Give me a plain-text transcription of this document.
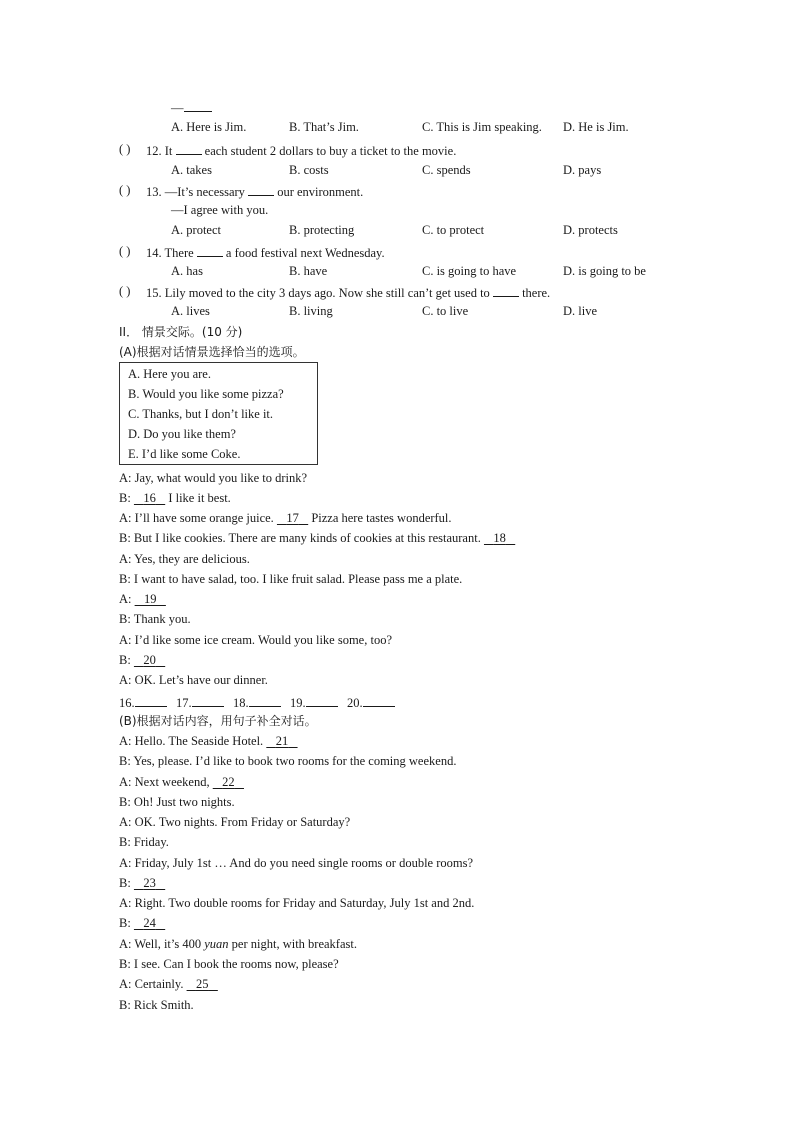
—
A. Here is Jim.	B. That’s Jim.	C. This is Jim speaking. D. He is Jim.
( ) 12. It	each student 2 dollars to buy a ticket to the movie.
A. takes	B. costs	C. spends	D. pays
( ) 13. —It’s necessary	our environment.
—I agree with you.
A. protect	B. protecting	C. to protect	D. protects
( ) 14. There	a food festival next Wednesday.
A. has	B. have	C. is going to have	D. is going to be
( ) 15. Lily moved to the city 3 days ago. Now she still can’t get used to	there.
A. lives	B. living	C. to live	D. live
II． 情景交际。(10 分)
(A)根据对话情景选择恰当的选项。
A. Here you are.
B. Would you like some pizza?
C. Thanks, but I don’t like it.
D. Do you like them?
E. I’d like some Coke.
A: Jay, what would you like to drink?
B:    16    I like it best.
A: I’ll have some orange juice.    17    Pizza here tastes wonderful.
B: But I like cookies. There are many kinds of cookies at this restaurant.    18
A: Yes, they are delicious.
B: I want to have salad, too. I like fruit salad. Please pass me a plate.
A:    19
B: Thank you.
A: I’d like some ice cream. Would you like some, too?
B:    20
A: OK. Let’s have our dinner.
16.	17.	18.	19.	20.
(B)根据对话内容，用句子补全对话。
A: Hello. The Seaside Hotel.    21
B: Yes, please. I’d like to book two rooms for the coming weekend.
A: Next weekend,    22
B: Oh! Just two nights.
A: OK. Two nights. From Friday or Saturday?
B: Friday.
A: Friday, July 1st … And do you need single rooms or double rooms?
B:    23
A: Right. Two double rooms for Friday and Saturday, July 1st and 2nd.
B:    24
A: Well, it’s 400 yuan per night, with breakfast.
B: I see. Can I book the rooms now, please?
A: Certainly.    25
B: Rick Smith.
